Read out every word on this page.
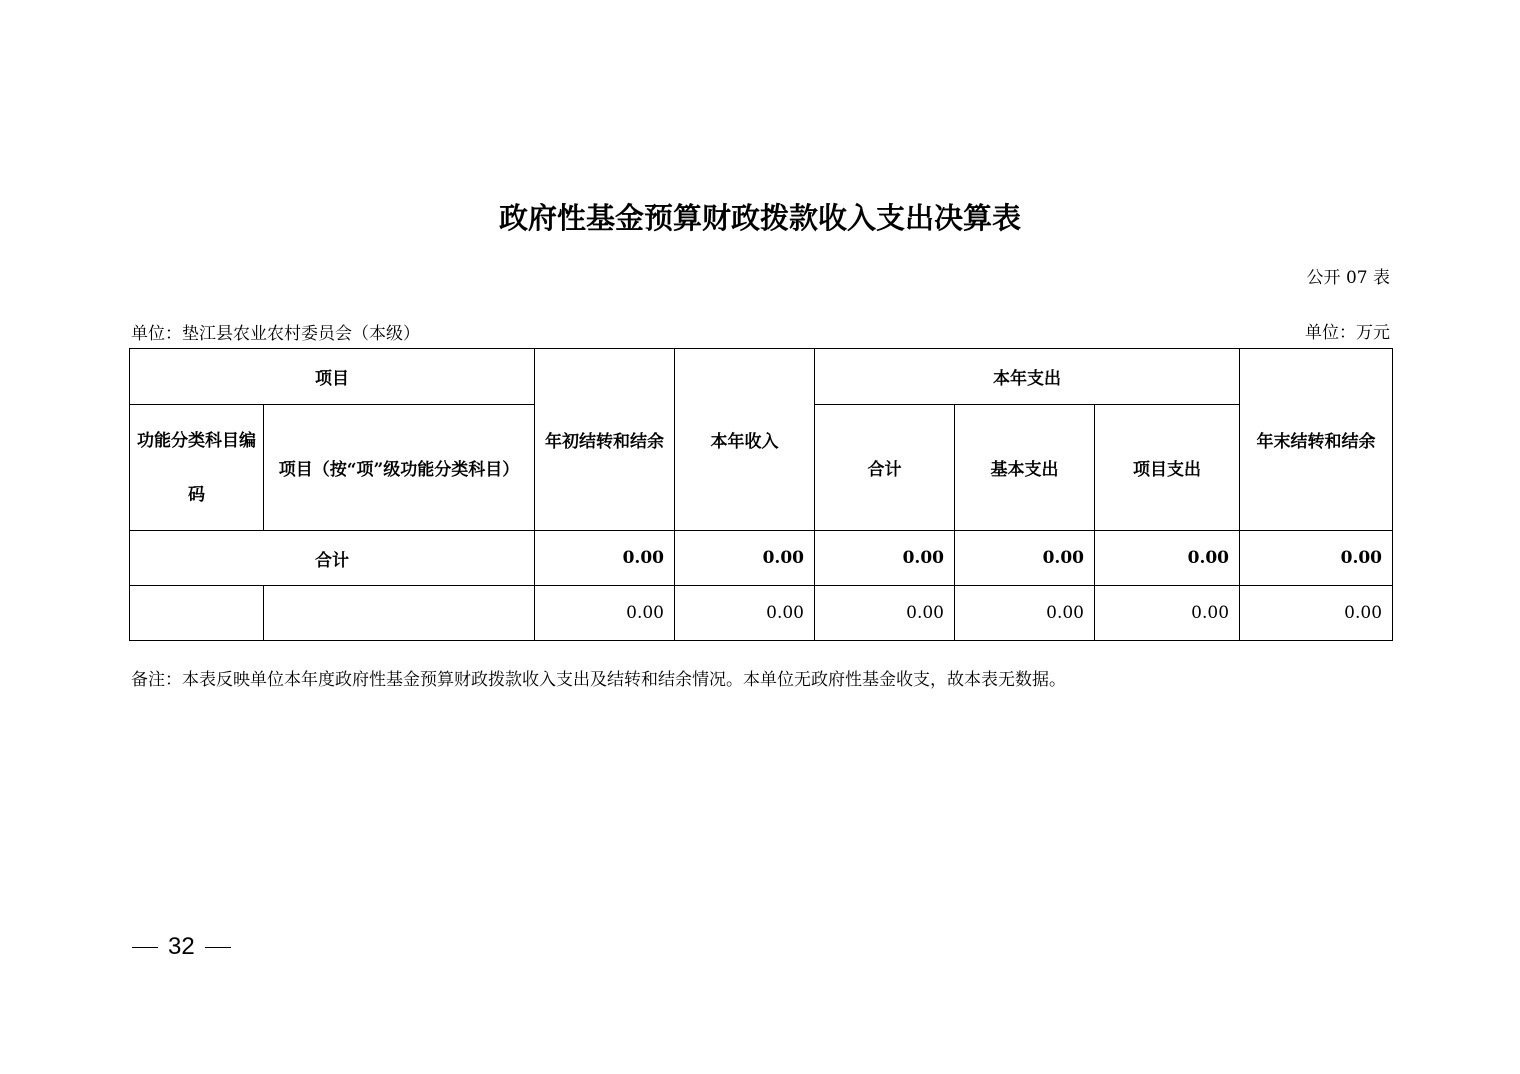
政府性基金预算财政拨款收入支出决算表
公开 07 表
单位：垫江县农业农村委员会（本级）	单位：万元
项目		年初结转和结余	本年收入	本年支出			年末结转和结余
功能分类科目编码	项目（按“项”级功能分类科目）			合计	基本支出	项目支出	
合计		0.00	0.00	0.00	0.00	0.00	0.00
		0.00	0.00	0.00	0.00	0.00	0.00
备注：本表反映单位本年度政府性基金预算财政拨款收入支出及结转和结余情况。本单位无政府性基金收支，故本表无数据。
32
